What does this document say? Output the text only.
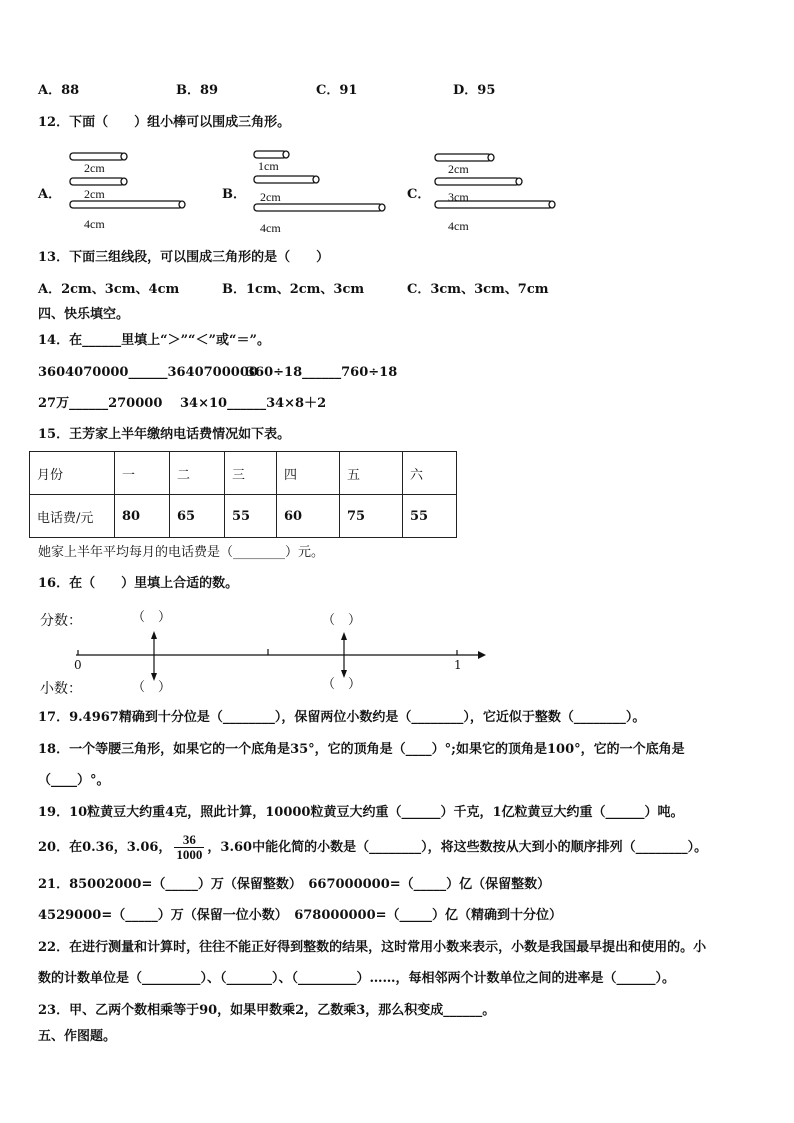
A．88	B．89	C．91	D．95
12．下面（　　）组小棒可以围成三角形。
A．
2cm
2cm
4cm
B．
1cm
2cm
4cm
C．
2cm
3cm
4cm
13．下面三组线段，可以围成三角形的是（　　）
A．2cm、3cm、4cm	B．1cm、2cm、3cm	C．3cm、3cm、7cm
四、快乐填空。
14．在______里填上“＞”“＜”或“＝”。
3604070000______3640700000
360÷18______760÷18
27万______270000 34×10______34×8＋2
15．王芳家上半年缴纳电话费情况如下表。
月份	一	二	三	四	五	六
电话费/元	80	65	55	60	75	55
她家上半年平均每月的电话费是（________）元。
16．在（　　）里填上合适的数。
分数：
小数：
（　）	（　）
（　）	（　）
0	1
17．9.4967精确到十分位是（________），保留两位小数约是（________），它近似于整数（________）。
18．一个等腰三角形，如果它的一个底角是35°，它的顶角是（____）°;如果它的顶角是100°，它的一个底角是
（____）°。
19．10粒黄豆大约重4克，照此计算，10000粒黄豆大约重（______）千克，1亿粒黄豆大约重（______）吨。
20．在0.36，3.06， $\frac{36}{1000}$ ，3.60中能化简的小数是（________），将这些数按从大到小的顺序排列（________）。
21．85002000=（_____）万（保留整数）　667000000=（_____）亿（保留整数）
4529000=（_____）万（保留一位小数）　678000000=（_____）亿（精确到十分位）
22．在进行测量和计算时，往往不能正好得到整数的结果，这时常用小数来表示，小数是我国最早提出和使用的。小
数的计数单位是（_________）、（_______）、（_________）……，每相邻两个计数单位之间的进率是（______）。
23．甲、乙两个数相乘等于90，如果甲数乘2，乙数乘3，那么积变成______。
五、作图题。
